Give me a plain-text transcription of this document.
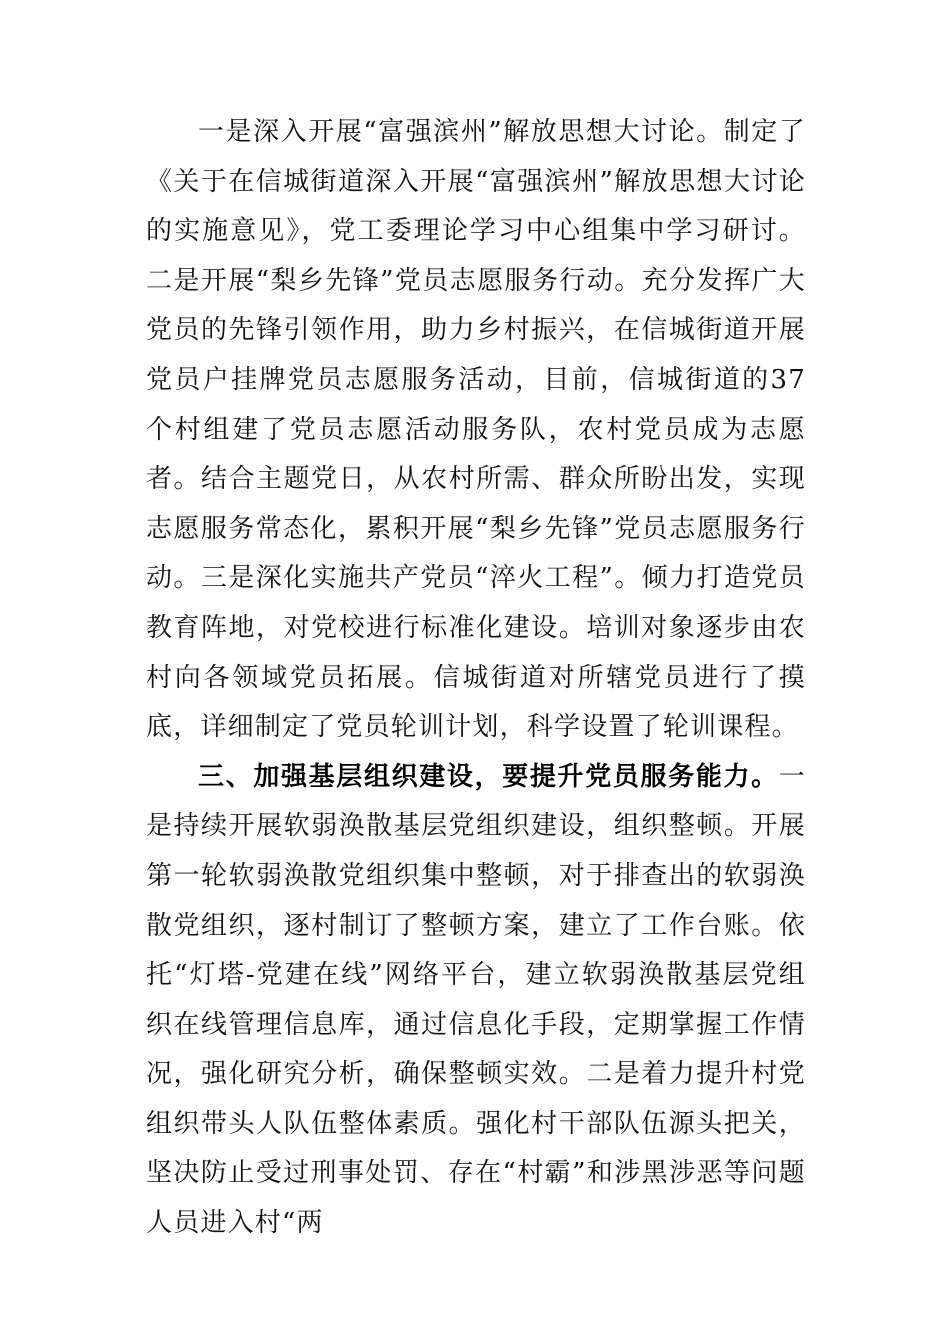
一是深入开展“富强滨州”解放思想大讨论。制定了《关于在信城街道深入开展“富强滨州”解放思想大讨论的实施意见》，党工委理论学习中心组集中学习研讨。二是开展“梨乡先锋”党员志愿服务行动。充分发挥广大党员的先锋引领作用，助力乡村振兴，在信城街道开展党员户挂牌党员志愿服务活动，目前，信城街道的37个村组建了党员志愿活动服务队，农村党员成为志愿者。结合主题党日，从农村所需、群众所盼出发，实现志愿服务常态化，累积开展“梨乡先锋”党员志愿服务行动。三是深化实施共产党员“淬火工程”。倾力打造党员教育阵地，对党校进行标准化建设。培训对象逐步由农村向各领域党员拓展。信城街道对所辖党员进行了摸底，详细制定了党员轮训计划，科学设置了轮训课程。

三、加强基层组织建设，要提升党员服务能力。一是持续开展软弱涣散基层党组织建设，组织整顿。开展第一轮软弱涣散党组织集中整顿，对于排查出的软弱涣散党组织，逐村制订了整顿方案，建立了工作台账。依托“灯塔-党建在线”网络平台，建立软弱涣散基层党组织在线管理信息库，通过信息化手段，定期掌握工作情况，强化研究分析，确保整顿实效。二是着力提升村党组织带头人队伍整体素质。强化村干部队伍源头把关，坚决防止受过刑事处罚、存在“村霸”和涉黑涉恶等问题人员进入村“两
